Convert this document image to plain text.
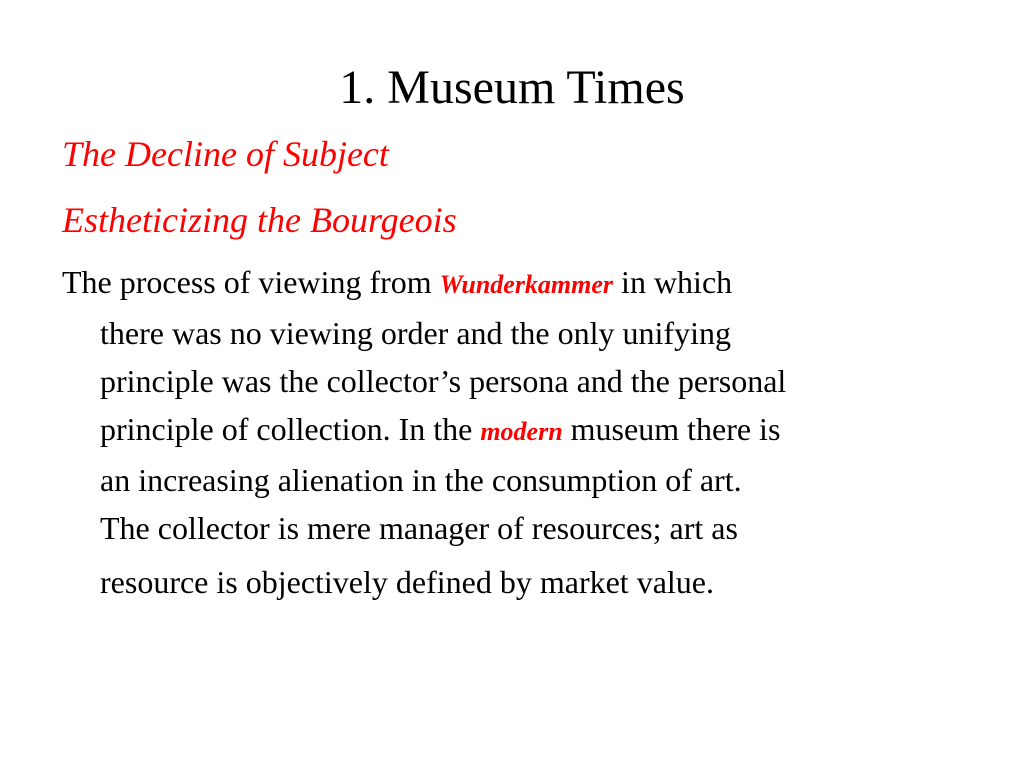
1. Museum Times
The Decline of Subject
Estheticizing the Bourgeois
The process of viewing from Wunderkammer in which
there was no viewing order and the only unifying
principle was the collector’s persona and the personal
principle of collection. In the modern museum there is
an increasing alienation in the consumption of art.
The collector is mere manager of resources; art as
resource is objectively defined by market value.
